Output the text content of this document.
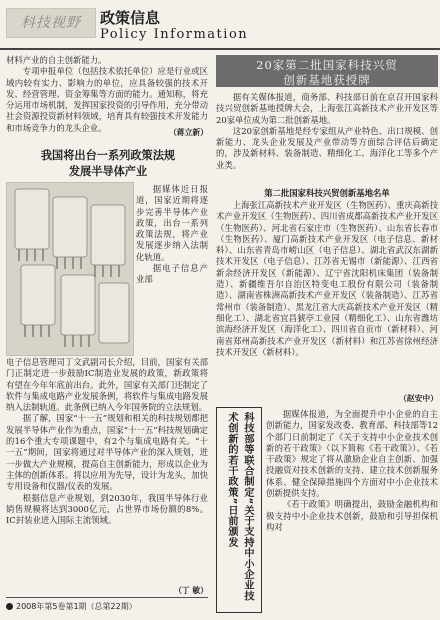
科技视野	政策信息
Policy Information

材料产业的自主创新能力。

专项申报单位（包括技术依托单位）应是行业或区域内较有实力、影响力的单位，应具备较强的技术开发、经营管理、资金筹集等方面的能力。通知称，将充分运用市场机制，发挥国家投资的引导作用，充分带动社会资源投资新材料领域，培育具有较强技术开发能力和市场竞争力的龙头企业。	（蒋立新）
我国将出台一系列政策法规
发展半导体产业

据媒体近日报道，国家近期将逐步完善半导体产业政策，出台一系列政策法规，将产业发展逐步纳入法制化轨道。

据电子信息产业部

电子信息管理司丁文武副司长介绍，目前，国家有关部门正制定进一步鼓励IC制造业发展的政策，新政策将有望在今年年底前出台。此外，国家有关部门还制定了软件与集成电路产业发展条例，将软件与集成电路发展纳入法制轨道。此条例已纳入今年国务院的立法规划。

据了解，国家“十一五”规划和相关的科技规划都把发展半导体产业作为重点，国家“十一五”科技规划确定的16个重大专项课题中，有2个与集成电路有关。“十一五”期间，国家将通过对半导体产业的深入规划，进一步做大产业规模，提高自主创新能力，形成以企业为主体的创新体系。将以应用为先导，设计为龙头，加快专用设备和仪器/仪表的发展。

根据信息产业规划，到2030年，我国半导体行业销售规模将达到3000亿元，占世界市场份额的8%。IC封装业进入国际主流领域。

（丁 敏）
20家第二批国家科技兴贸
创新基地获授牌

据有关媒体报道，商务部、科技部日前在京召开国家科技兴贸创新基地授牌大会，上海张江高新技术产业开发区等20家单位成为第二批创新基地。

这20家创新基地是经专家组从产业特色、出口规模、创新能力、龙头企业发展及产业带动等方面综合评估后确定的，涉及新材料、装备制造、精细化工、海洋化工等多个产业类。

第二批国家科技兴贸创新基地名单

上海张江高新技术产业开发区（生物医药）、重庆高新技术产业开发区（生物医药）、四川省成都高新技术产业开发区（生物医药）、河北省石家庄市（生物医药）、山东省长春市（生物医药）、厦门高新技术产业开发区（电子信息、新材料）、山东省青岛市崂山区（电子信息）、湖北省武汉东湖新技术开发区（电子信息）、江苏省无锡市（新能源）、江西省新余经济开发区（新能源）、辽宁省沈阳机床集团（装备制造）、新疆维吾尔自治区特变电工股份有限公司（装备制造）、湖南省株洲高新技术产业开发区（装备制造）、江苏省常州市（装备制造）、黑龙江省大庆高新技术产业开发区（精细化工）、湖北省宜昌猇亭工业园（精细化工）、山东省潍坊滨海经济开发区（海洋化工）、四川省自贡市（新材料）、河南省郑州高新技术产业开发区（新材料）和江苏省徐州经济技术开发区（新材料）。

（赵安中）
科技部等联合制定“关于支持中小企业技术创新的若干政策”日前颁发	据媒体报道，为全面提升中小企业的自主创新能力，国家发改委、教育部、科技部等12个部门日前制定了《关于支持中小企业技术创新的若干政策》（以下简称《若干政策》）。《若干政策》规定了将从激励企业自主创新、加强投融资对技术创新的支持、建立技术创新服务体系、健全保障措施四个方面对中小企业技术创新提供支持。

《若干政策》明确提出，鼓励金融机构和极支持中小企业技术创新，鼓励和引导担保机构对

2008年第5卷第1期（总第22期）
